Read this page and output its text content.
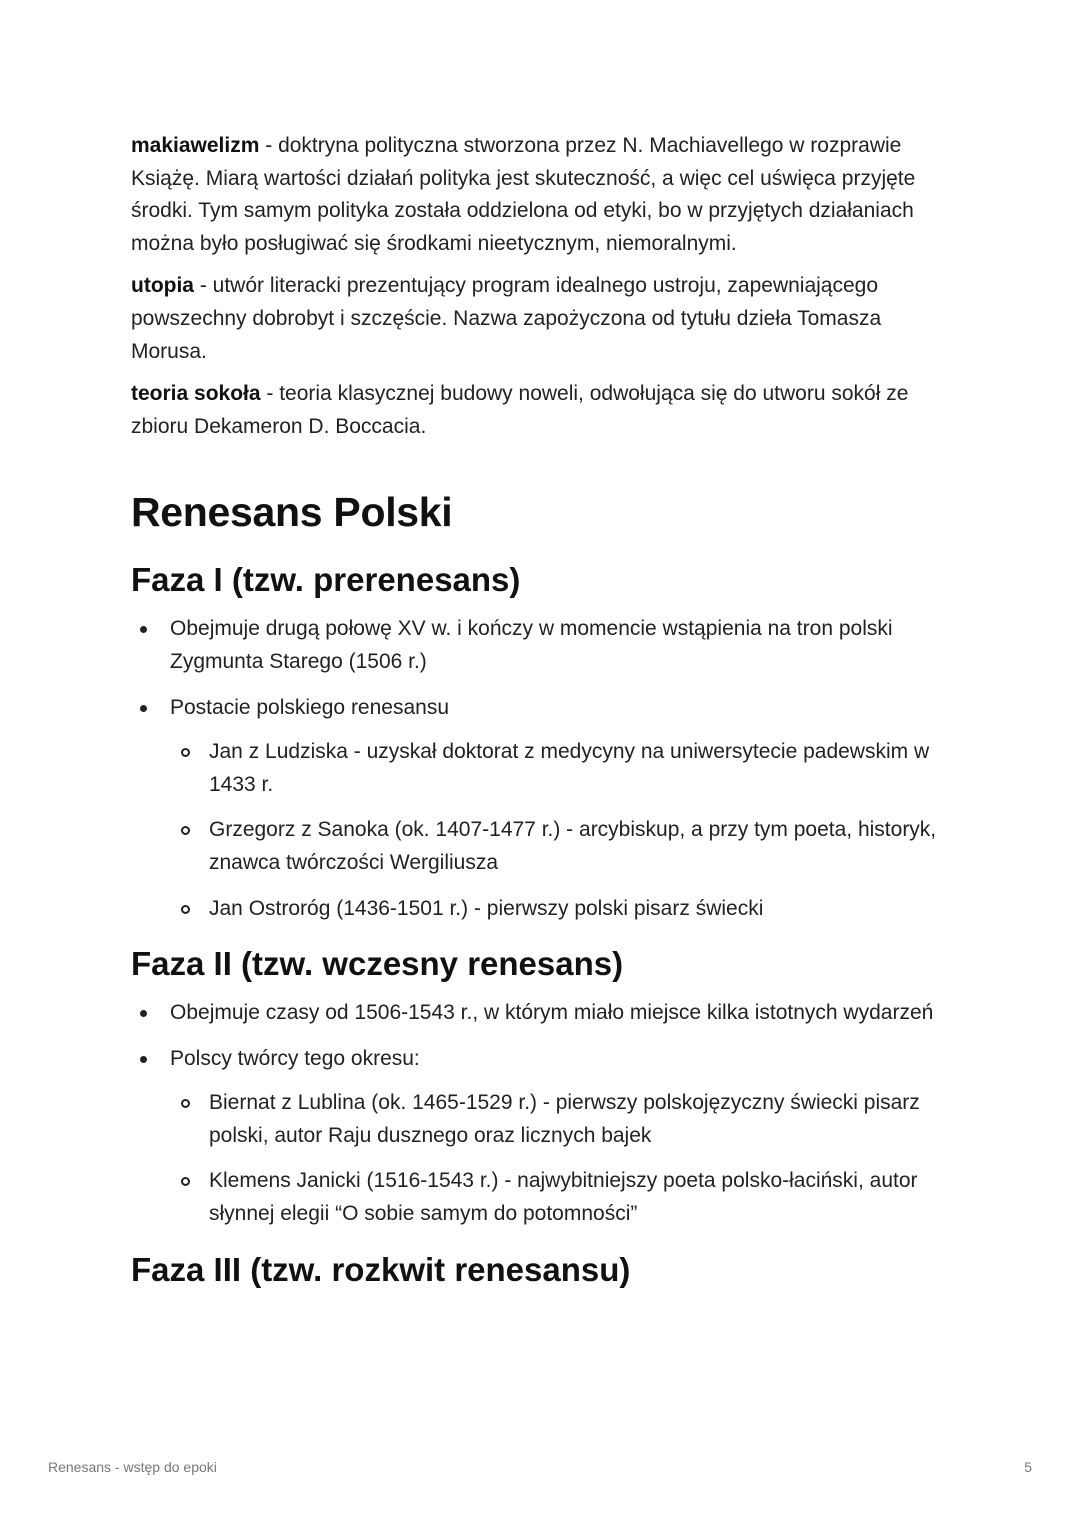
makiawelizm - doktryna polityczna stworzona przez N. Machiavellego w rozprawie Książę. Miarą wartości działań polityka jest skuteczność, a więc cel uświęca przyjęte środki. Tym samym polityka została oddzielona od etyki, bo w przyjętych działaniach można było posługiwać się środkami nieetycznym, niemoralnymi.

utopia - utwór literacki prezentujący program idealnego ustroju, zapewniającego powszechny dobrobyt i szczęście. Nazwa zapożyczona od tytułu dzieła Tomasza Morusa.

teoria sokoła - teoria klasycznej budowy noweli, odwołująca się do utworu sokół ze zbioru Dekameron D. Boccacia.

Renesans Polski
Faza I (tzw. prerenesans)
Obejmuje drugą połowę XV w. i kończy w momencie wstąpienia na tron polski Zygmunta Starego (1506 r.)
Postacie polskiego renesansu
Jan z Ludziska - uzyskał doktorat z medycyny na uniwersytecie padewskim w 1433 r.
Grzegorz z Sanoka (ok. 1407-1477 r.) - arcybiskup, a przy tym poeta, historyk, znawca twórczości Wergiliusza
Jan Ostroróg (1436-1501 r.) - pierwszy polski pisarz świecki
Faza II (tzw. wczesny renesans)
Obejmuje czasy od 1506-1543 r., w którym miało miejsce kilka istotnych wydarzeń
Polscy twórcy tego okresu:
Biernat z Lublina (ok. 1465-1529 r.) - pierwszy polskojęzyczny świecki pisarz polski, autor Raju dusznego oraz licznych bajek
Klemens Janicki (1516-1543 r.) - najwybitniejszy poeta polsko-łaciński, autor słynnej elegii “O sobie samym do potomności”
Faza III (tzw. rozkwit renesansu)
Renesans - wstęp do epoki	5
